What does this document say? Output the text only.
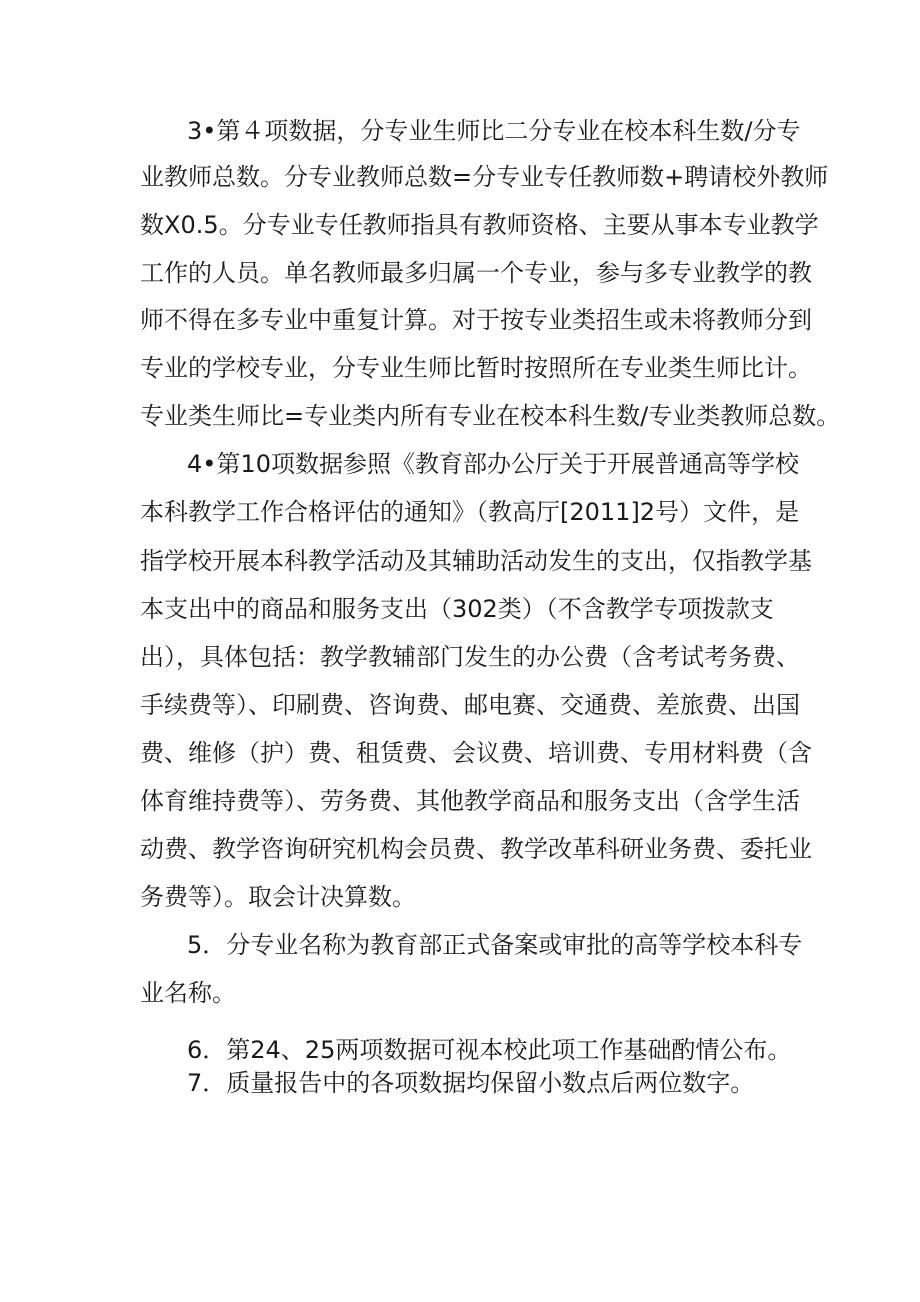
3•第４项数据，分专业生师比二分专业在校本科生数/分专
业教师总数。分专业教师总数=分专业专任教师数+聘请校外教师
数X0.5。分专业专任教师指具有教师资格、主要从事本专业教学
工作的人员。单名教师最多归属一个专业，参与多专业教学的教
师不得在多专业中重复计算。对于按专业类招生或未将教师分到
专业的学校专业，分专业生师比暂时按照所在专业类生师比计。
专业类生师比=专业类内所有专业在校本科生数/专业类教师总数。
4•第10项数据参照《教育部办公厅关于开展普通高等学校
本科教学工作合格评估的通知》（教高厅[2011]2号）文件，是
指学校开展本科教学活动及其辅助活动发生的支出，仅指教学基
本支出中的商品和服务支出（302类）（不含教学专项拨款支
出），具体包括：教学教辅部门发生的办公费（含考试考务费、
手续费等）、印刷费、咨询费、邮电赛、交通费、差旅费、出国
费、维修（护）费、租赁费、会议费、培训费、专用材料费（含
体育维持费等）、劳务费、其他教学商品和服务支出（含学生活
动费、教学咨询研究机构会员费、教学改革科研业务费、委托业
务费等）。取会计决算数。
5．分专业名称为教育部正式备案或审批的高等学校本科专
业名称。
6．第24、25两项数据可视本校此项工作基础酌情公布。
7．质量报告中的各项数据均保留小数点后两位数字。
